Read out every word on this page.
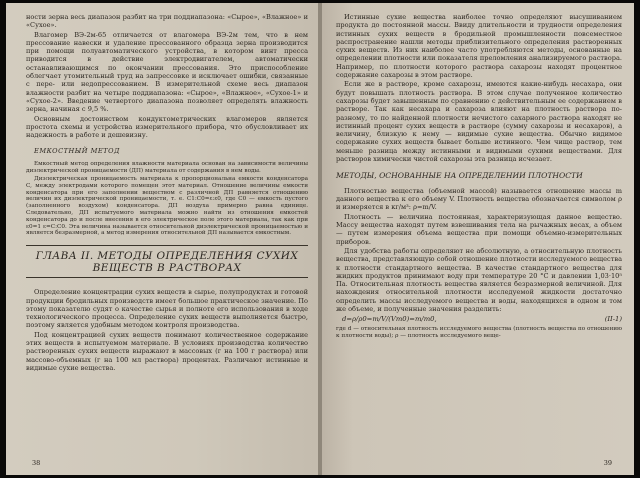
ности зерна весь диапазон разбит на три поддиапазона: «Сырое», «Влажное» и «Сухое».

Влагомер ВЭ-2м-65 отличается от влагомера ВЭ-2м тем, что в нем прессование навески и удаление прессованного образца зерна производится при помощи полуавтоматического устройства, в котором винт пресса приводится в действие электродвигателем, автоматически останавливающимся по окончании прессования. Это приспособление облегчает утомительный труд на запрессовке и исключает ошибки, связанные с пере- или недопрессованием. В измерительной схеме весь диапазон влажности разбит на четыре поддиапазона: «Сырое», «Влажное», «Сухое-1» и «Сухое-2». Введение четвертого диапазона позволяет определять влажность зерна, начиная с 9,5 %.

Основным достоинством кондуктометрических влагомеров является простота схемы и устройства измерительного прибора, что обусловливает их надежность в работе и дешевизну.

ЕМКОСТНЫЙ МЕТОД

Емкостный метод определения влажности материала основан на зависимости величины диэлектрической проницаемости (ДП) материала от содержания в нем воды.

Диэлектрическая проницаемость материала к пропорциональна емкости конденсатора C, между электродами которого помещен этот материал. Отношение величины емкости конденсатора при его заполнении веществом с различной ДП равняется отношению величин их диэлектрической проницаемости, т. е. C1:C0=ε:ε0, где C0 — емкость пустого (заполненного воздухом) конденсатора. ДП воздуха примерно равна единице. Следовательно, ДП испытуемого материала можно найти из отношения емкостей конденсатора до и после внесения в его электрическое поле этого материала, так как при ε0=1 ε=C:C0. Эта величина называется относительной диэлектрической проницаемостью и является безразмерной, а метод измерения относительной ДП называется емкостным.

ГЛАВА II. МЕТОДЫ ОПРЕДЕЛЕНИЯ СУХИХ ВЕЩЕСТВ В РАСТВОРАХ

Определение концентрации сухих веществ в сырье, полупродуктах и готовой продукции бродильных производств имеет большое практическое значение. По этому показателю судят о качестве сырья и полноте его использования в ходе технологического процесса. Определение сухих веществ выполняется быстро, поэтому является удобным методом контроля производства.

Под концентрацией сухих веществ понимают количественное содержание этих веществ в испытуемом материале. В условиях производства количество растворенных сухих веществ выражают в массовых (г на 100 г раствора) или массово-объемных (г на 100 мл раствора) процентах. Различают истинные и видимые сухие вещества.

38

Истинные сухие вещества наиболее точно определяют высушиванием продукта до постоянной массы. Ввиду длительности и трудности определения истинных сухих веществ в бродильной промышленности повсеместное распространение нашли методы приблизительного определения растворенных сухих веществ. Из них наиболее часто употребляются методы, основанные на определении плотности или показателя преломления анализируемого раствора. Например, по плотности которого раствора сахарозы находят процентное содержание сахарозы в этом растворе.

Если же в растворе, кроме сахарозы, имеются какие-нибудь несахара, они будут повышать плотность раствора. В этом случае полученное количество сахарозы будет завышенным по сравнению с действительным ее содержанием в растворе. Так как несахара и сахароза влияют на плотность раствора по-разному, то по найденной плотности нечистого сахарного раствора находят не истинный процент сухих веществ в растворе (сумму сахарозы и несахаров), а величину, близкую к нему — видимые сухие вещества. Обычно видимое содержание сухих веществ бывает больше истинного. Чем чище раствор, тем меньше разница между истинными и видимыми сухими веществами. Для растворов химически чистой сахарозы эта разница исчезает.

МЕТОДЫ, ОСНОВАННЫЕ НА ОПРЕДЕЛЕНИИ ПЛОТНОСТИ

Плотностью вещества (объемной массой) называется отношение массы m данного вещества к его объему V. Плотность вещества обозначается символом ρ и измеряется в кг/м³: ρ=m/V.

Плотность — величина постоянная, характеризующая данное вещество. Массу вещества находят путем взвешивания тела на рычажных весах, а объем — путем измерения объема вещества при помощи объемно-измерительных приборов.

Для удобства работы определяют не абсолютную, а относительную плотность вещества, представляющую собой отношение плотности исследуемого вещества к плотности стандартного вещества. В качестве стандартного вещества для жидких продуктов принимают воду при температуре 20 °С и давлении 1,03·10⁵ Па. Относительная плотность вещества является безразмерной величиной. Для нахождения относительной плотности исследуемой жидкости достаточно определить массы исследуемого вещества и воды, находящихся в одном и том же объеме, и полученные значения разделить:

d=ρ/ρ0=m/V/(Vm0)=m/m0,	(II-1)

где d — относительная плотность исследуемого вещества (плотность вещества по отношению к плотности воды); ρ — плотность исследуемого веще-

39
